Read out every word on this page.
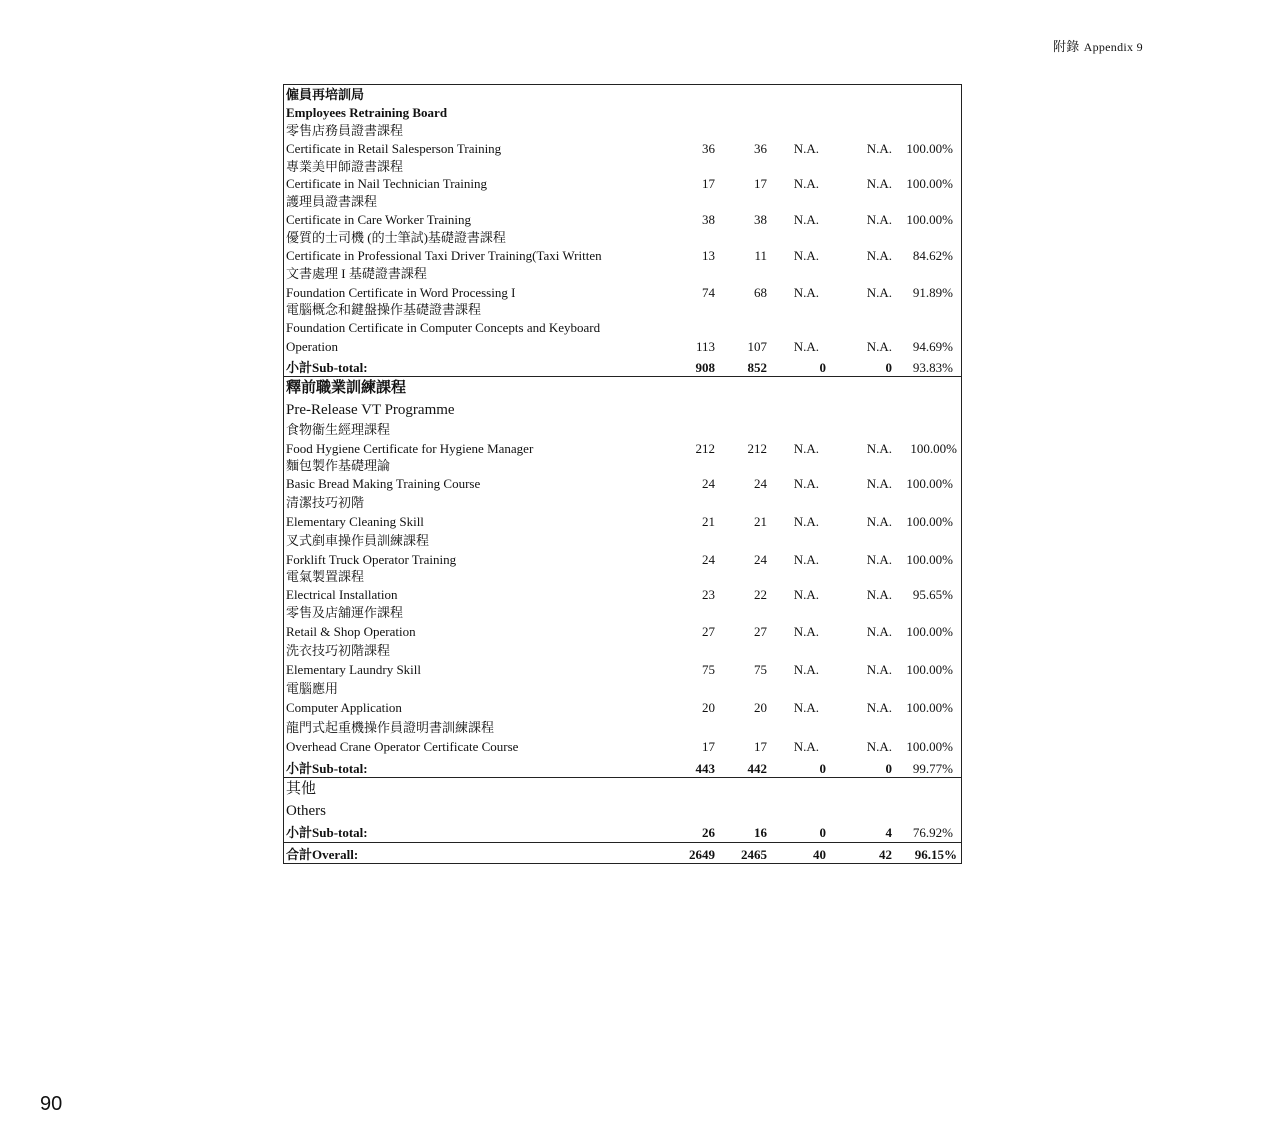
附錄 Appendix 9
僱員再培訓局
Employees Retraining Board
零售店務員證書課程
Certificate in Retail Salesperson Training	36	36 N.A.	N.A. 100.00%
專業美甲師證書課程
Certificate in Nail Technician Training	17	17 N.A.	N.A. 100.00%
護理員證書課程
Certificate in Care Worker Training	38	38 N.A.	N.A. 100.00%
優質的士司機 (的士筆試)基礎證書課程
Certificate in Professional Taxi Driver Training(Taxi Written	13	11 N.A.	N.A. 84.62%
文書處理 I 基礎證書課程
Foundation Certificate in Word Processing I	74	68 N.A.	N.A. 91.89%
電腦概念和鍵盤操作基礎證書課程
Foundation Certificate in Computer Concepts and Keyboard
Operation	113	107 N.A.	N.A. 94.69%
小計Sub-total:	908	852	0	0 93.83%
釋前職業訓練課程
Pre-Release VT Programme
食物衞生經理課程
Food Hygiene Certificate for Hygiene Manager	212	212 N.A.	N.A. 100.00%
麵包製作基礎理論
Basic Bread Making Training Course	24	24 N.A.	N.A. 100.00%
清潔技巧初階
Elementary Cleaning Skill	21	21 N.A.	N.A. 100.00%
叉式剷車操作員訓練課程
Forklift Truck Operator Training	24	24 N.A.	N.A. 100.00%
電氣製置課程
Electrical Installation	23	22 N.A.	N.A. 95.65%
零售及店舖運作課程
Retail & Shop Operation	27	27 N.A.	N.A. 100.00%
洗衣技巧初階課程
Elementary Laundry Skill	75	75 N.A.	N.A. 100.00%
電腦應用
Computer Application	20	20 N.A.	N.A. 100.00%
龍門式起重機操作員證明書訓練課程
Overhead Crane Operator Certificate Course	17	17 N.A.	N.A. 100.00%
小計Sub-total:	443	442	0	0 99.77%
其他
Others
小計Sub-total:	26	16	0	4 76.92%
合計Overall:	2649 2465	40	42 96.15%
90
